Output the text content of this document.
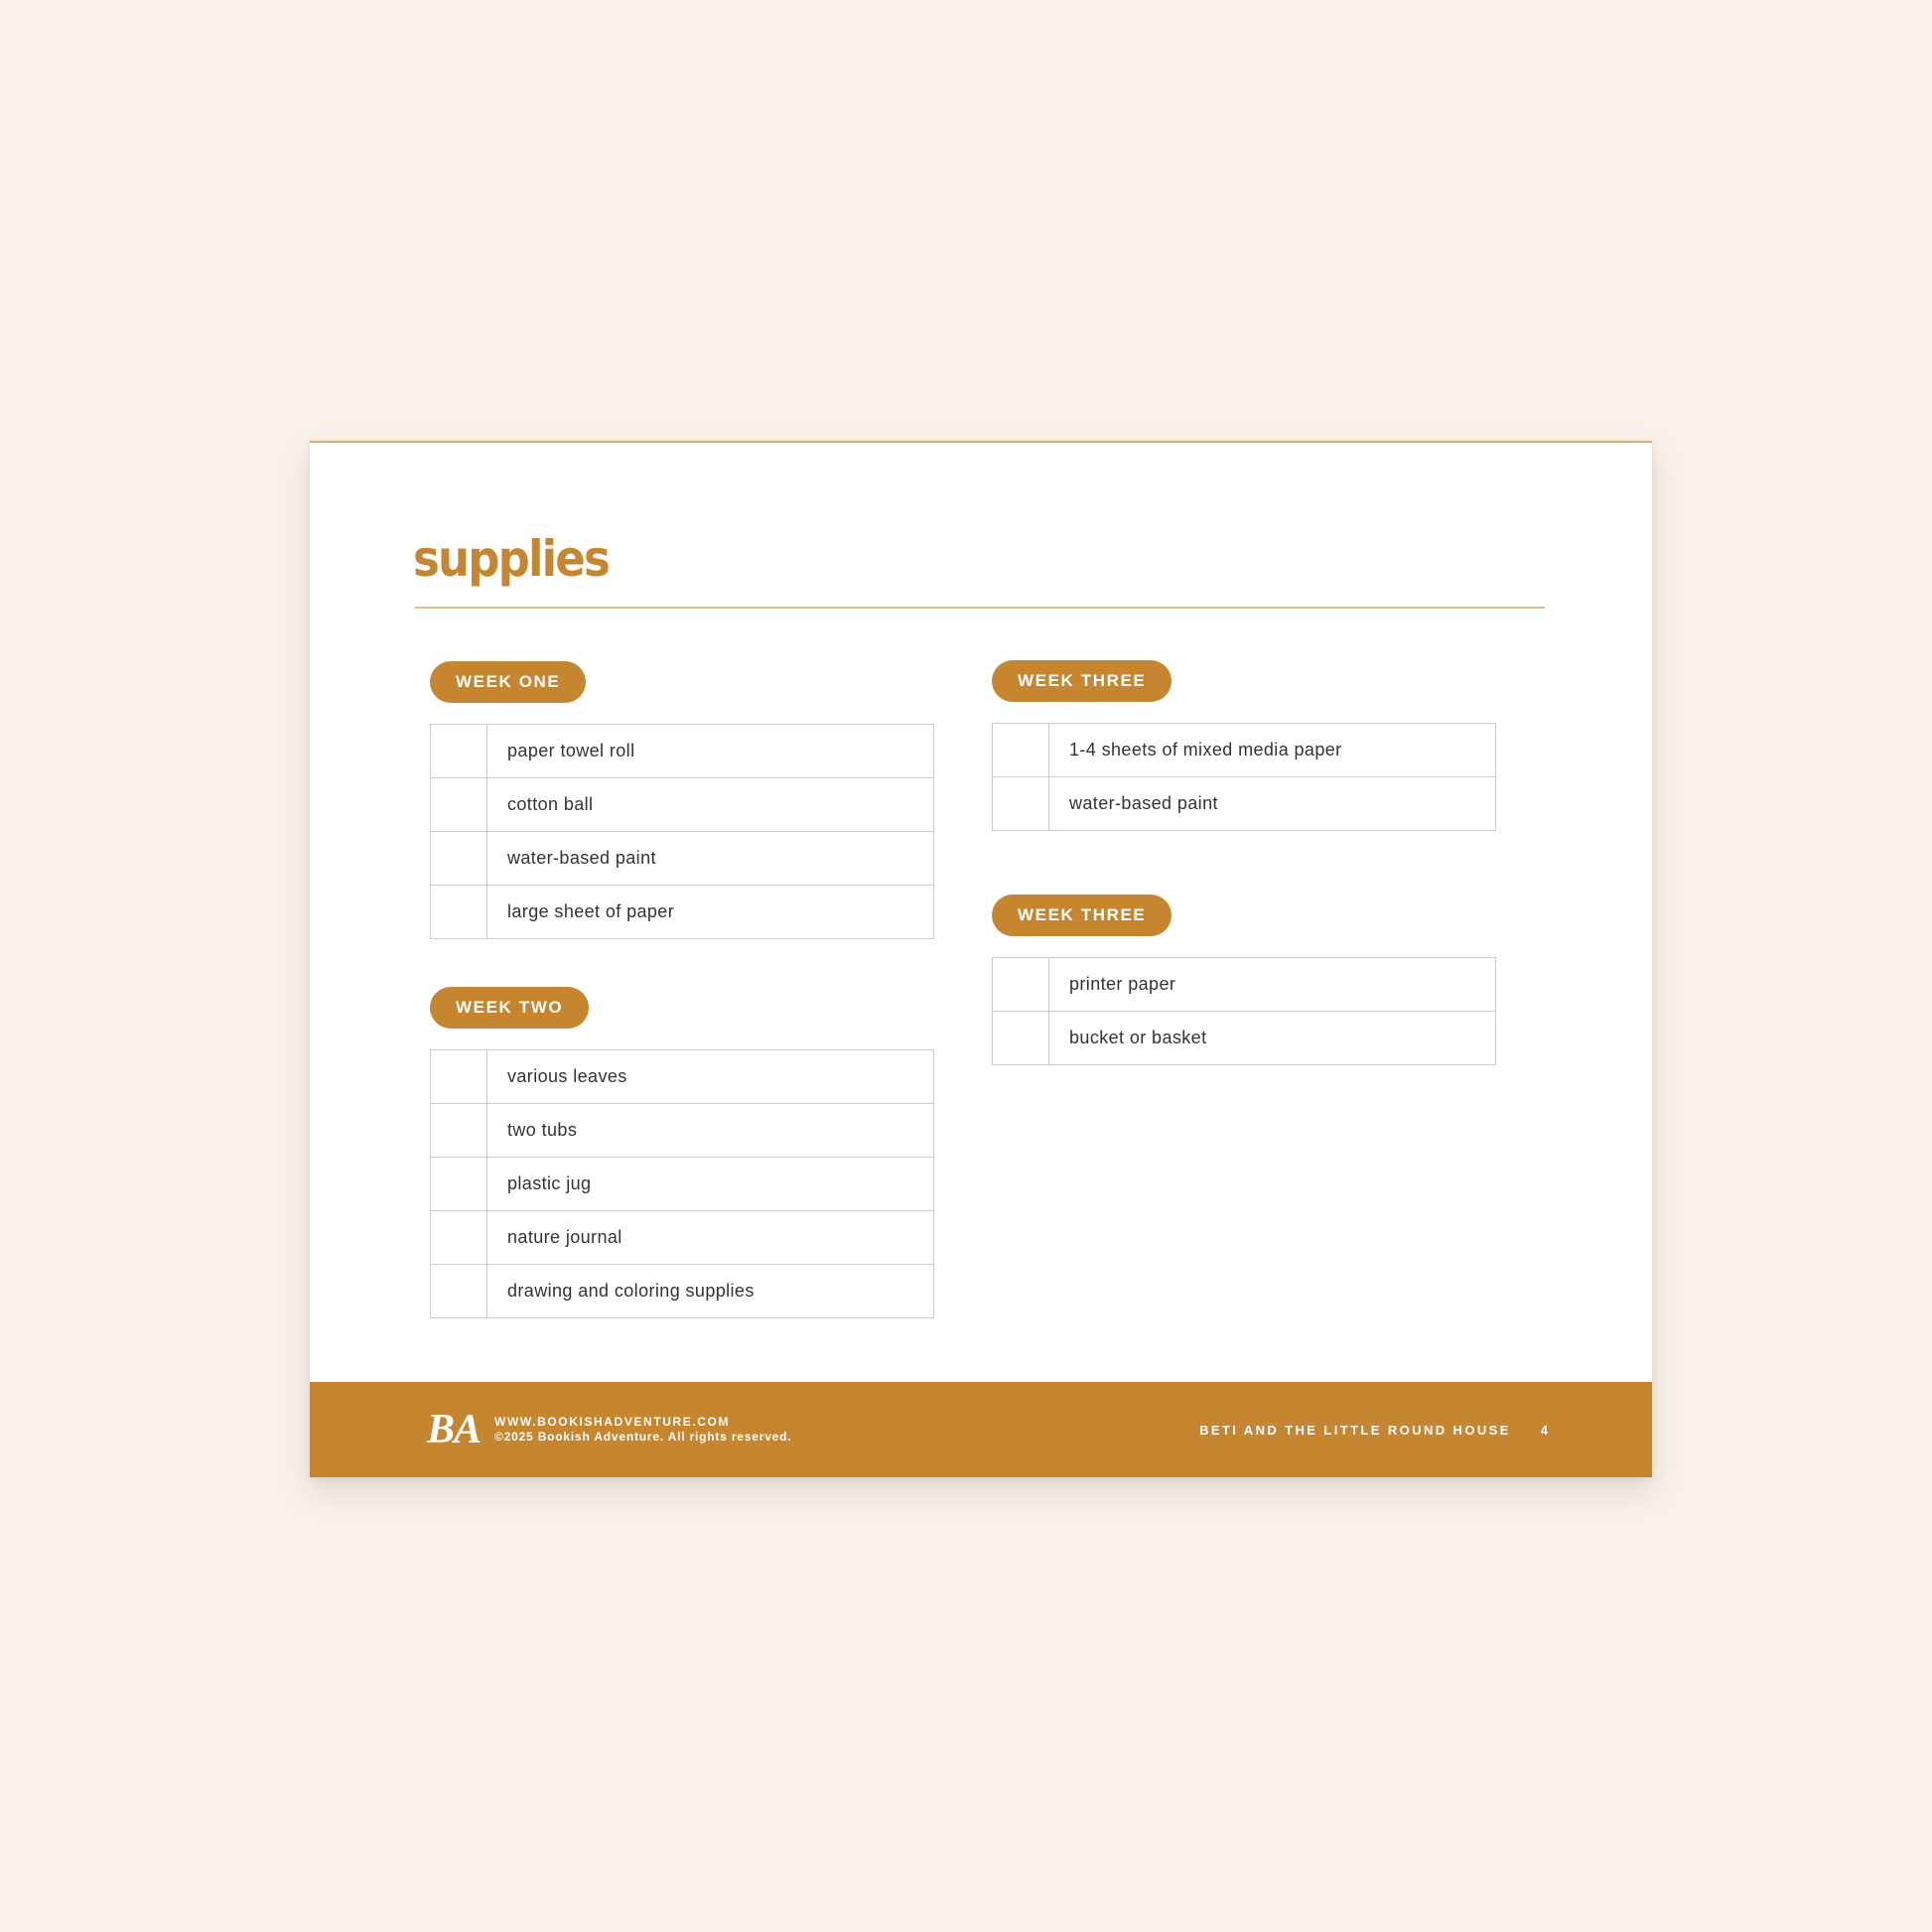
supplies
WEEK ONE
	paper towel roll
	cotton ball
	water-based paint
	large sheet of paper
WEEK TWO
	various leaves
	two tubs
	plastic jug
	nature journal
	drawing and coloring supplies
WEEK THREE
	1-4 sheets of mixed media paper
	water-based paint
WEEK THREE
	printer paper
	bucket or basket
BA WWW.BOOKISHADVENTURE.COM
©2025 Bookish Adventure. All rights reserved.	BETI AND THE LITTLE ROUND HOUSE 4
